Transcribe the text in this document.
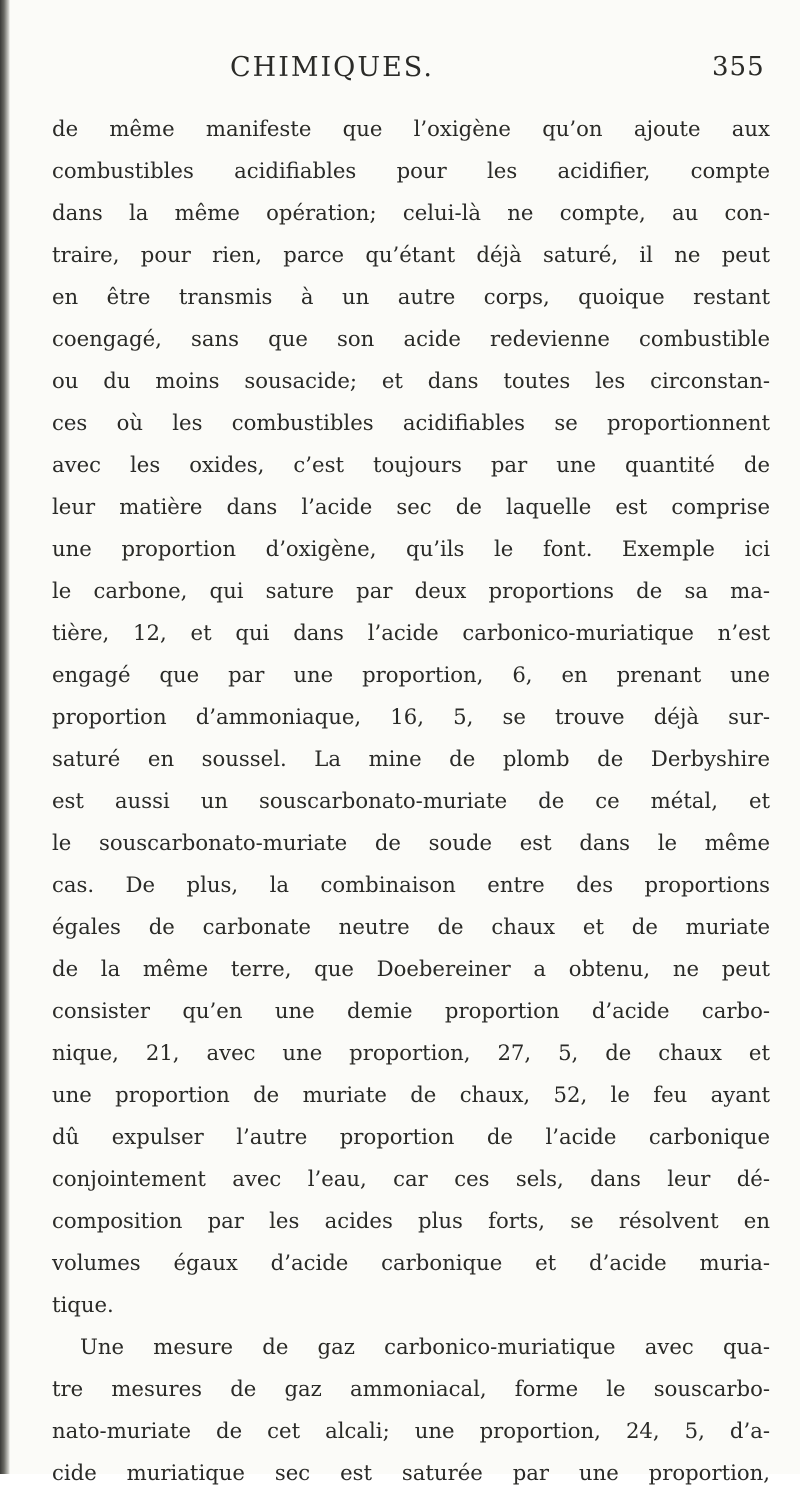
CHIMIQUES.	355
de même manifeste que l’oxigène qu’on ajoute aux
combustibles acidifiables pour les acidifier, compte
dans la même opération; celui-là ne compte, au con-
traire, pour rien, parce qu’étant déjà saturé, il ne peut
en être transmis à un autre corps, quoique restant
coengagé, sans que son acide redevienne combustible
ou du moins sousacide; et dans toutes les circonstan-
ces où les combustibles acidifiables se proportionnent
avec les oxides, c’est toujours par une quantité de
leur matière dans l’acide sec de laquelle est comprise
une proportion d’oxigène, qu’ils le font. Exemple ici
le carbone, qui sature par deux proportions de sa ma-
tière, 12, et qui dans l’acide carbonico-muriatique n’est
engagé que par une proportion, 6, en prenant une
proportion d’ammoniaque, 16, 5, se trouve déjà sur-
saturé en soussel. La mine de plomb de Derbyshire
est aussi un souscarbonato-muriate de ce métal, et
le souscarbonato-muriate de soude est dans le même
cas. De plus, la combinaison entre des proportions
égales de carbonate neutre de chaux et de muriate
de la même terre, que Doebereiner a obtenu, ne peut
consister qu’en une demie proportion d’acide carbo-
nique, 21, avec une proportion, 27, 5, de chaux et
une proportion de muriate de chaux, 52, le feu ayant
dû expulser l’autre proportion de l’acide carbonique
conjointement avec l’eau, car ces sels, dans leur dé-
composition par les acides plus forts, se résolvent en
volumes égaux d’acide carbonique et d’acide muria-
tique.
Une mesure de gaz carbonico-muriatique avec qua-
tre mesures de gaz ammoniacal, forme le souscarbo-
nato-muriate de cet alcali; une proportion, 24, 5, d’a-
cide muriatique sec est saturée par une proportion,
